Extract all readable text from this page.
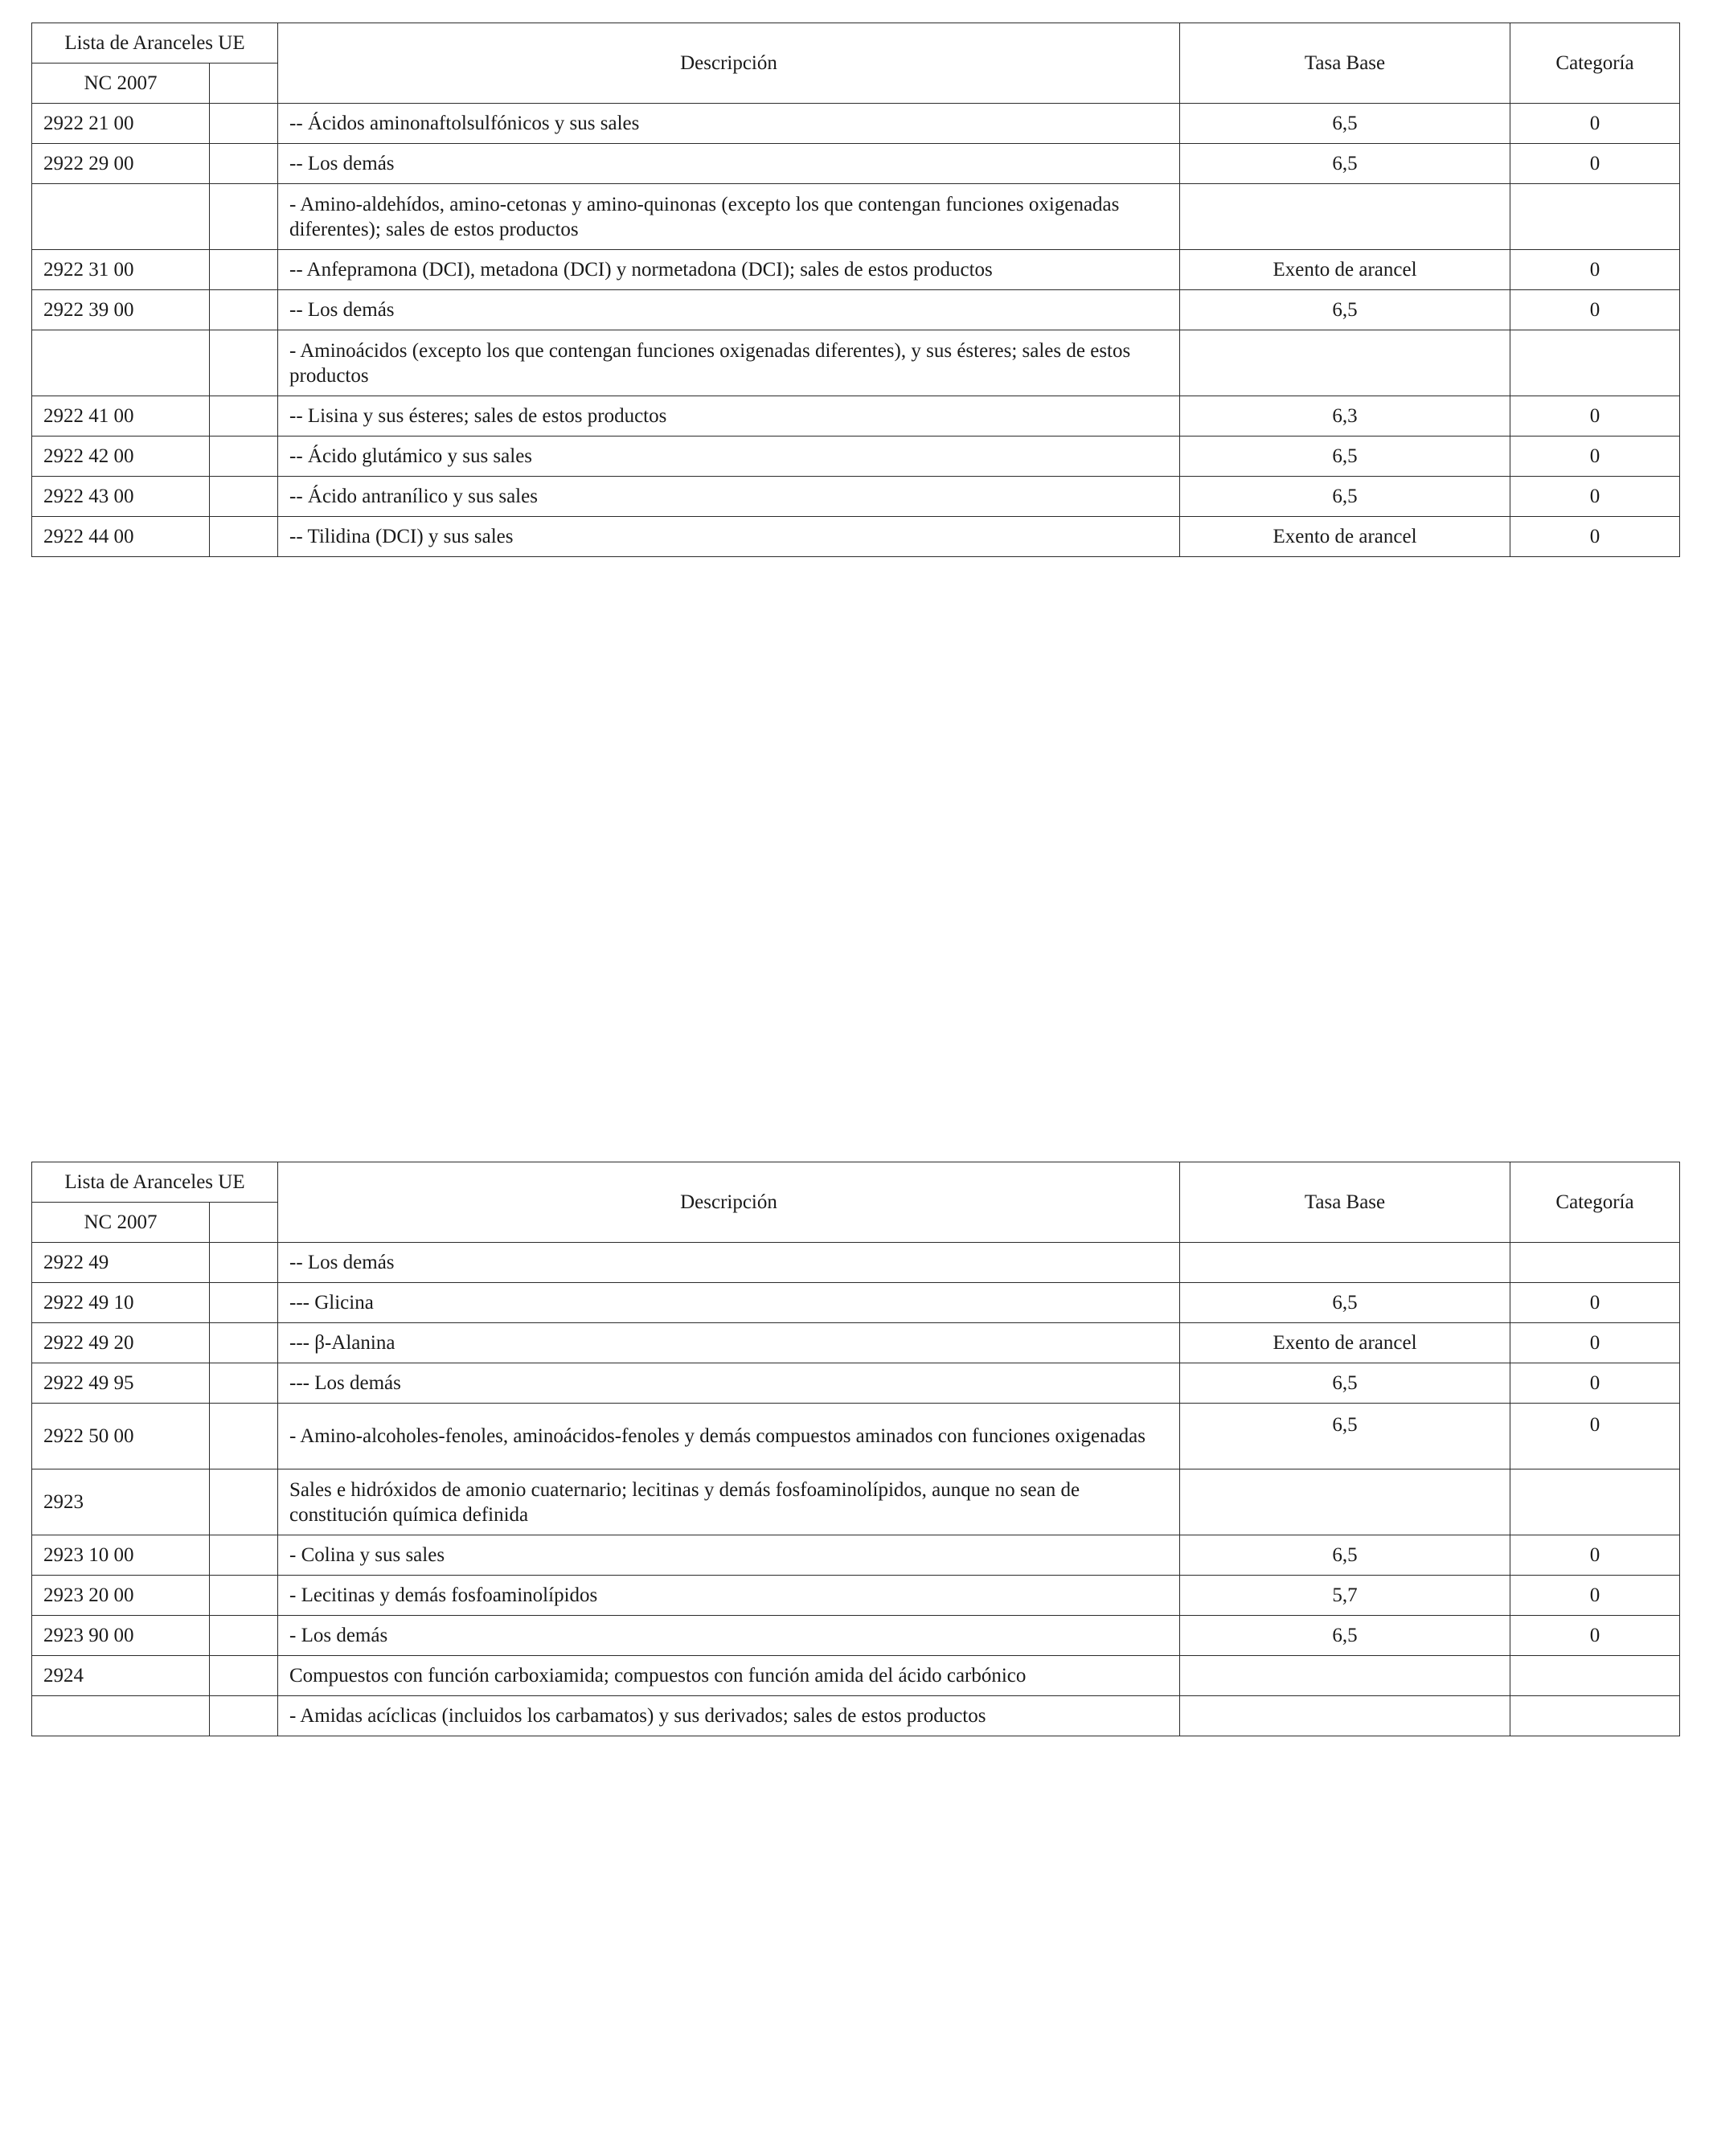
Lista de Aranceles UE		Descripción	Tasa Base	Categoría
NC 2007				
2922 21 00		-- Ácidos aminonaftolsulfónicos y sus sales	6,5	0
2922 29 00		-- Los demás	6,5	0
		- Amino-aldehídos, amino-cetonas y amino-quinonas (excepto los que contengan funciones oxigenadas diferentes); sales de estos productos		
2922 31 00		-- Anfepramona (DCI), metadona (DCI) y normetadona (DCI); sales de estos productos	Exento de arancel	0
2922 39 00		-- Los demás	6,5	0
		- Aminoácidos (excepto los que contengan funciones oxigenadas diferentes), y sus ésteres; sales de estos productos		
2922 41 00		-- Lisina y sus ésteres; sales de estos productos	6,3	0
2922 42 00		-- Ácido glutámico y sus sales	6,5	0
2922 43 00		-- Ácido antranílico y sus sales	6,5	0
2922 44 00		-- Tilidina (DCI) y sus sales	Exento de arancel	0
Lista de Aranceles UE		Descripción	Tasa Base	Categoría
NC 2007				
2922 49		-- Los demás		
2922 49 10		--- Glicina	6,5	0
2922 49 20		--- β-Alanina	Exento de arancel	0
2922 49 95		--- Los demás	6,5	0
2922 50 00		- Amino-alcoholes-fenoles, aminoácidos-fenoles y demás compuestos aminados con funciones oxigenadas	6,5	0
2923		Sales e hidróxidos de amonio cuaternario; lecitinas y demás fosfoaminolípidos, aunque no sean de constitución química definida		
2923 10 00		- Colina y sus sales	6,5	0
2923 20 00		- Lecitinas y demás fosfoaminolípidos	5,7	0
2923 90 00		- Los demás	6,5	0
2924		Compuestos con función carboxiamida; compuestos con función amida del ácido carbónico		
		- Amidas acíclicas (incluidos los carbamatos) y sus derivados; sales de estos productos		
